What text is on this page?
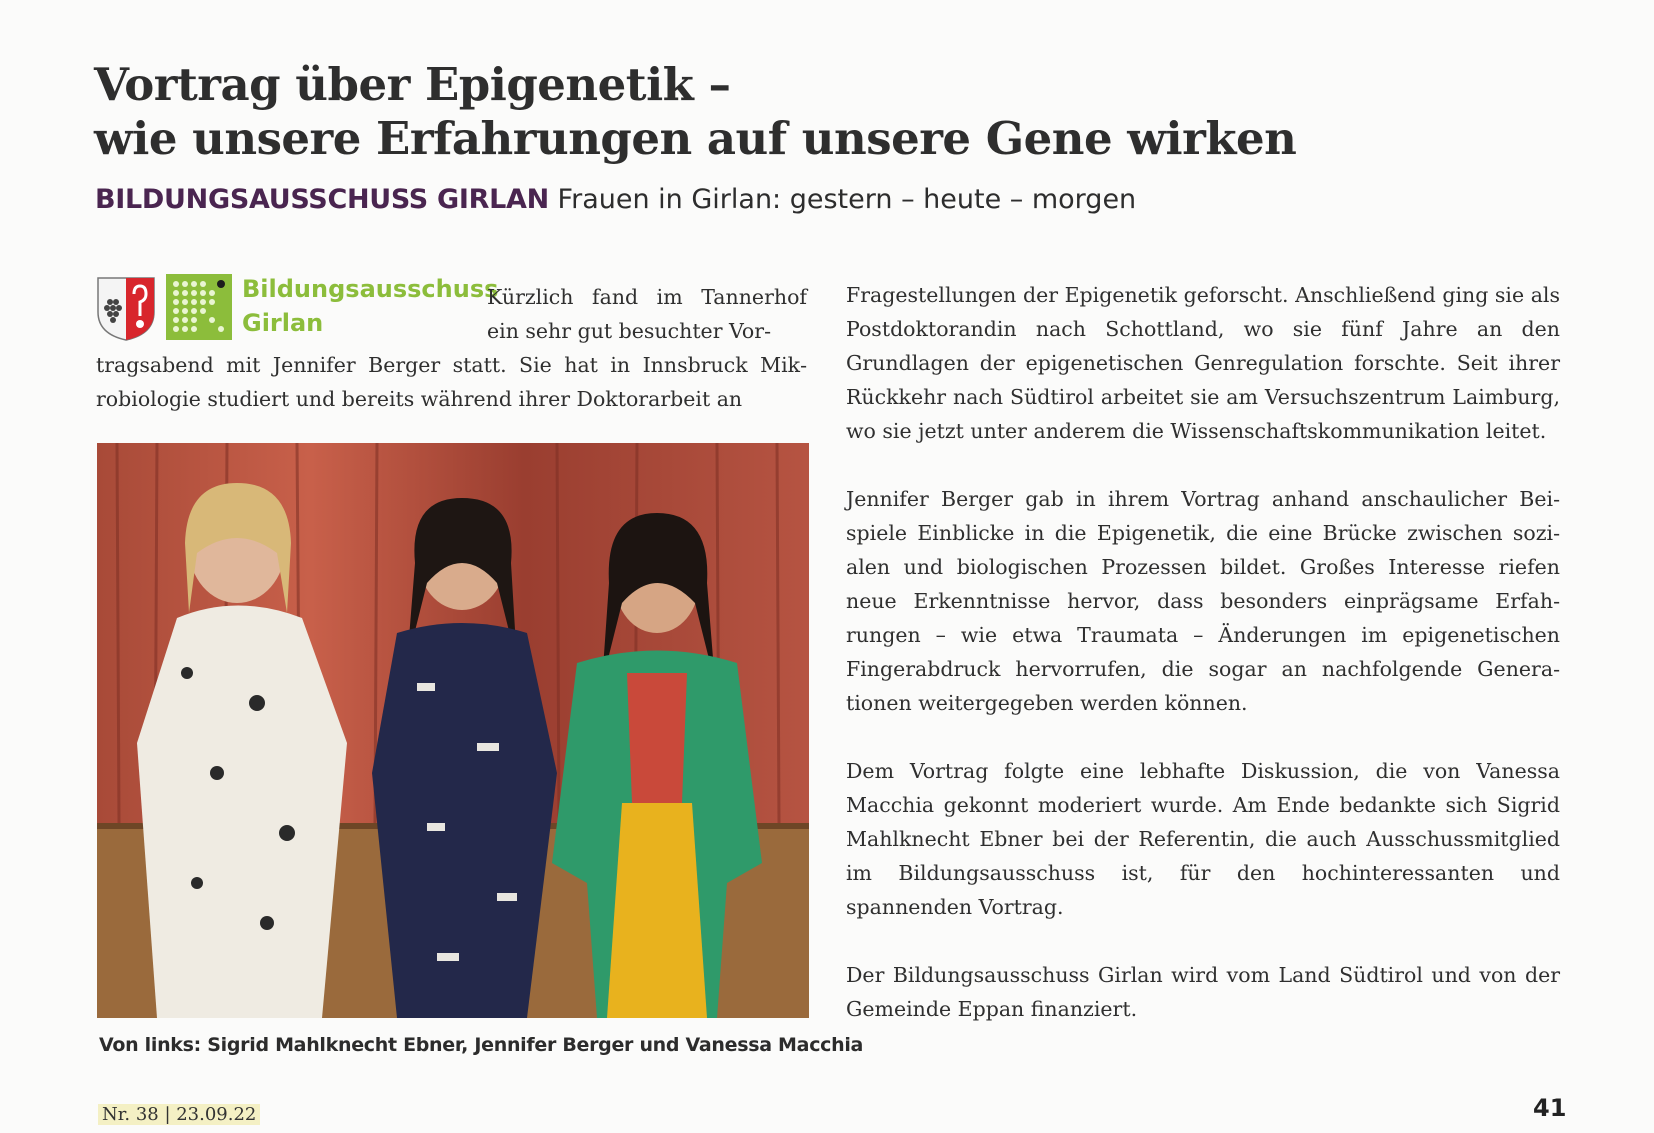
Vortrag über Epigenetik –
wie unsere Erfahrungen auf unsere Gene wirken
BILDUNGSAUSSCHUSS GIRLAN Frauen in Girlan: gestern – heute – morgen
Bildungsausschuss
Girlan

Kürzlich fand im Tannerhof ein sehr gut besuchter Vor-

tragsabend mit Jennifer Berger statt. Sie hat in Innsbruck Mikrobiologie studiert und bereits während ihrer Doktorarbeit an

Von links: Sigrid Mahlknecht Ebner, Jennifer Berger und Vanessa Macchia

Fragestellungen der Epigenetik geforscht. Anschließend ging sie als Postdoktorandin nach Schottland, wo sie fünf Jahre an den Grundlagen der epigenetischen Genregulation forschte. Seit ihrer Rückkehr nach Südtirol arbeitet sie am Versuchszentrum Laimburg, wo sie jetzt unter anderem die Wissenschaftskommunikation leitet.

Jennifer Berger gab in ihrem Vortrag anhand anschaulicher Beispiele Einblicke in die Epigenetik, die eine Brücke zwischen sozialen und biologischen Prozessen bildet. Großes Interesse riefen neue Erkenntnisse hervor, dass besonders einprägsame Erfahrungen – wie etwa Traumata – Änderungen im epigenetischen Fingerabdruck hervorrufen, die sogar an nachfolgende Generationen weitergegeben werden können.

Dem Vortrag folgte eine lebhafte Diskussion, die von Vanessa Macchia gekonnt moderiert wurde. Am Ende bedankte sich Sigrid Mahlknecht Ebner bei der Referentin, die auch Ausschussmitglied im Bildungsausschuss ist, für den hochinteressanten und spannenden Vortrag.

Der Bildungsausschuss Girlan wird vom Land Südtirol und von der Gemeinde Eppan finanziert.

Nr. 38 | 23.09.22	41
